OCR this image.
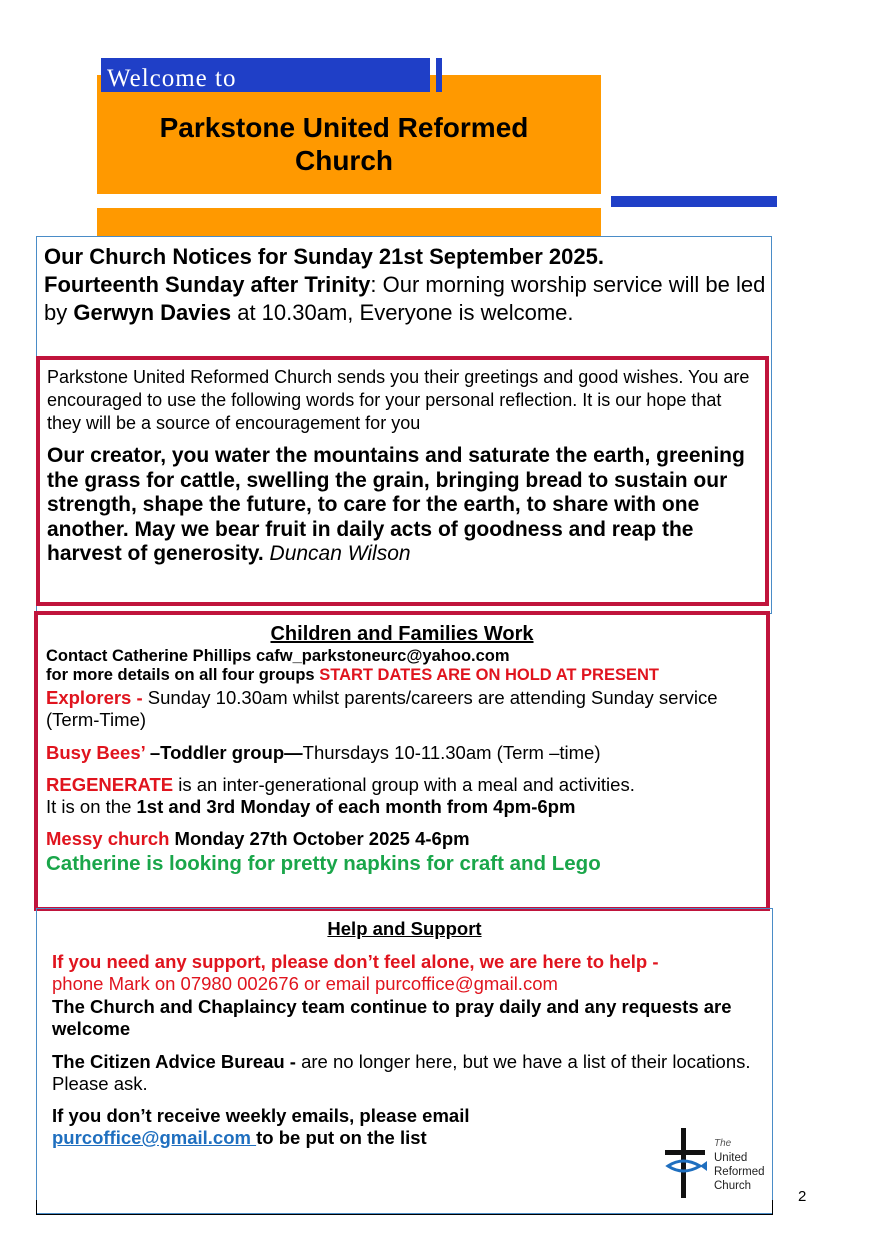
Welcome to
Parkstone United Reformed
Church
Our Church Notices for Sunday 21st September 2025.
Fourteenth Sunday after Trinity: Our morning worship service will be led by Gerwyn Davies at 10.30am, Everyone is welcome.
Parkstone United Reformed Church sends you their greetings and good wishes. You are encouraged to use the following words for your personal reflection. It is our hope that they will be a source of encouragement for you
Our creator, you water the mountains and saturate the earth, greening the grass for cattle, swelling the grain, bringing bread to sustain our strength, shape the future, to care for the earth, to share with one another. May we bear fruit in daily acts of goodness and reap the harvest of generosity. Duncan Wilson
Children and Families Work
Contact Catherine Phillips cafw_parkstoneurc@yahoo.com
for more details on all four groups START DATES ARE ON HOLD AT PRESENT
Explorers - Sunday 10.30am whilst parents/careers are attending Sunday service (Term-Time)
Busy Bees’ –Toddler group—Thursdays 10-11.30am (Term –time)
REGENERATE is an inter-generational group with a meal and activities.
It is on the 1st and 3rd Monday of each month from 4pm-6pm
Messy church Monday 27th October 2025 4-6pm
Catherine is looking for pretty napkins for craft and Lego
Help and Support
If you need any support, please don’t feel alone, we are here to help -
phone Mark on 07980 002676 or email purcoffice@gmail.com
The Church and Chaplaincy team continue to pray daily and any requests are welcome
The Citizen Advice Bureau - are no longer here, but we have a list of their locations. Please ask.
If you don’t receive weekly emails, please email
purcoffice@gmail.com to be put on the list	The
United
Reformed
Church
2
